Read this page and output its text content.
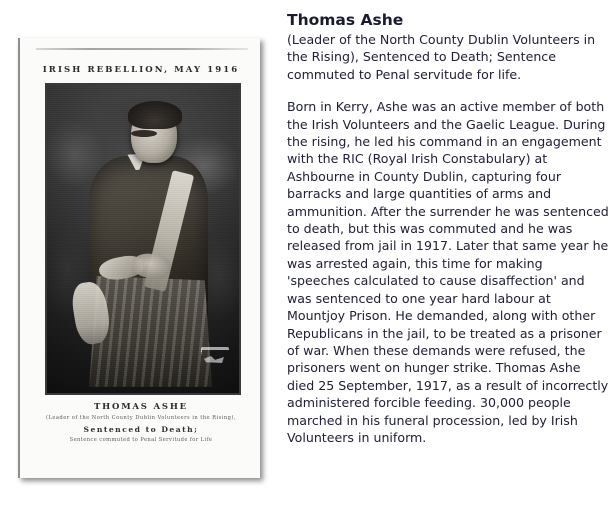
IRISH REBELLION, MAY 1916
THOMAS ASHE
(Leader of the North County Dublin Volunteers in the Rising),
Sentenced to Death;
Sentence commuted to Penal Servitude for Life
Thomas Ashe

(Leader of the North County Dublin Volunteers in the Rising), Sentenced to Death; Sentence commuted to Penal servitude for life.

Born in Kerry, Ashe was an active member of both the Irish Volunteers and the Gaelic League. During the rising, he led his command in an engagement with the RIC (Royal Irish Constabulary) at Ashbourne in County Dublin, capturing four barracks and large quantities of arms and ammunition. After the surrender he was sentenced to death, but this was commuted and he was released from jail in 1917. Later that same year he was arrested again, this time for making 'speeches calculated to cause disaffection' and was sentenced to one year hard labour at Mountjoy Prison. He demanded, along with other Republicans in the jail, to be treated as a prisoner of war. When these demands were refused, the prisoners went on hunger strike. Thomas Ashe died 25 September, 1917, as a result of incorrectly administered forcible feeding. 30,000 people marched in his funeral procession, led by Irish Volunteers in uniform.
